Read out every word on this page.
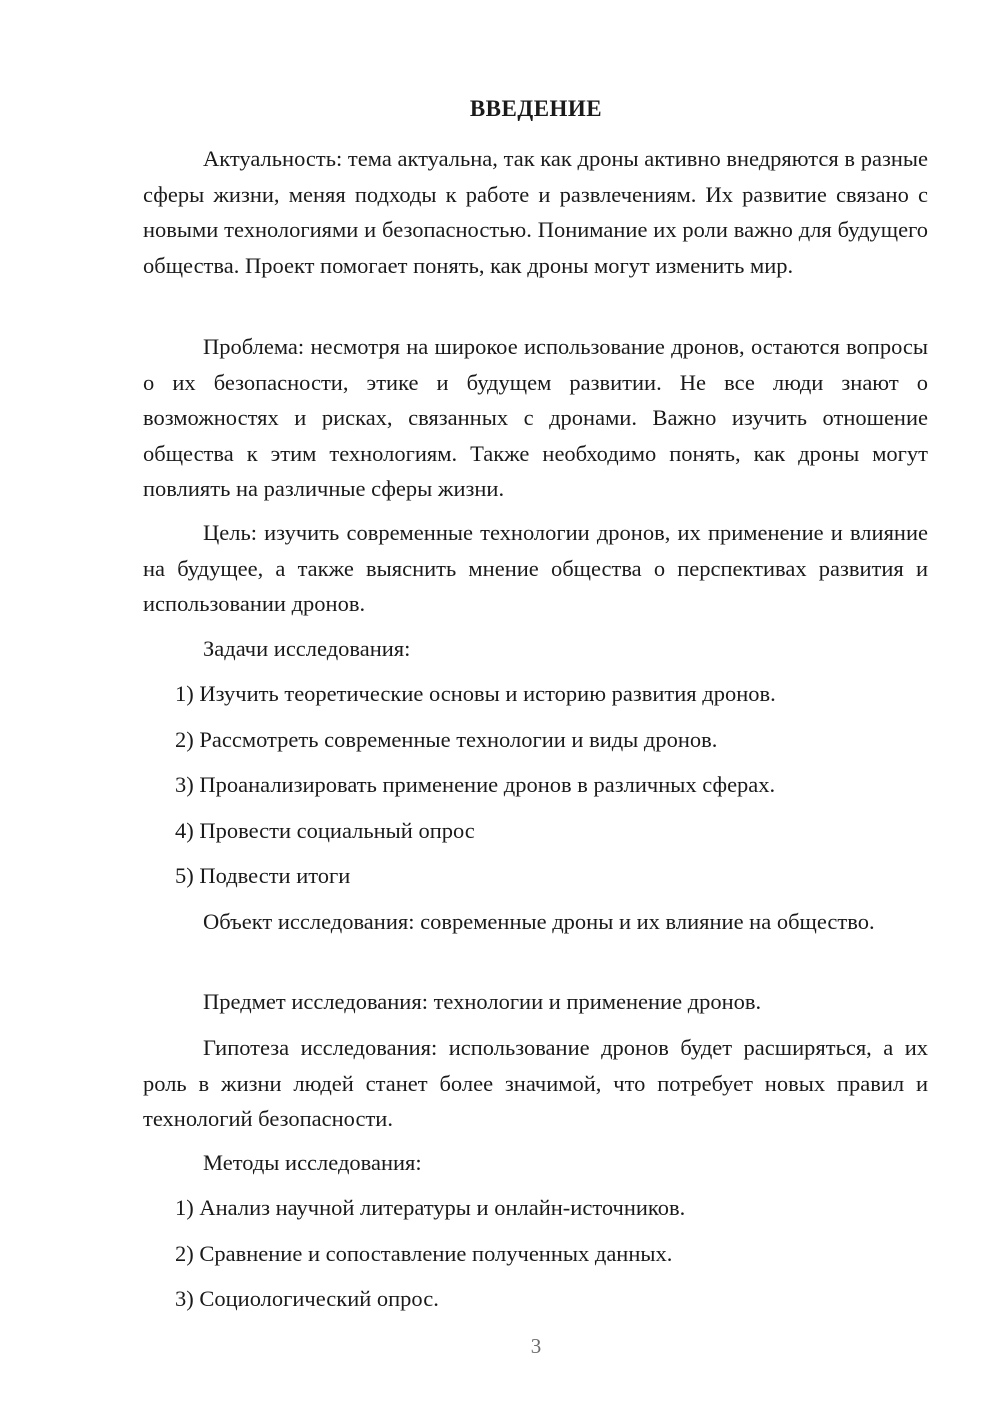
ВВЕДЕНИЕ

Актуальность: тема актуальна, так как дроны активно внедряются в разные сферы жизни, меняя подходы к работе и развлечениям. Их развитие связано с новыми технологиями и безопасностью. Понимание их роли важно для будущего общества. Проект помогает понять, как дроны могут изменить мир.

Проблема: несмотря на широкое использование дронов, остаются вопросы о их безопасности, этике и будущем развитии. Не все люди знают о возможностях и рисках, связанных с дронами. Важно изучить отношение общества к этим технологиям. Также необходимо понять, как дроны могут повлиять на различные сферы жизни.

Цель: изучить современные технологии дронов, их применение и влияние на будущее, а также выяснить мнение общества о перспективах развития и использовании дронов.

Задачи исследования:
1) Изучить теоретические основы и историю развития дронов.
2) Рассмотреть современные технологии и виды дронов.
3) Проанализировать применение дронов в различных сферах.
4) Провести социальный опрос
5) Подвести итоги

Объект исследования: современные дроны и их влияние на общество.

Предмет исследования: технологии и применение дронов.

Гипотеза исследования: использование дронов будет расширяться, а их роль в жизни людей станет более значимой, что потребует новых правил и технологий безопасности.

Методы исследования:
1) Анализ научной литературы и онлайн-источников.
2) Сравнение и сопоставление полученных данных.
3) Социологический опрос.
3
